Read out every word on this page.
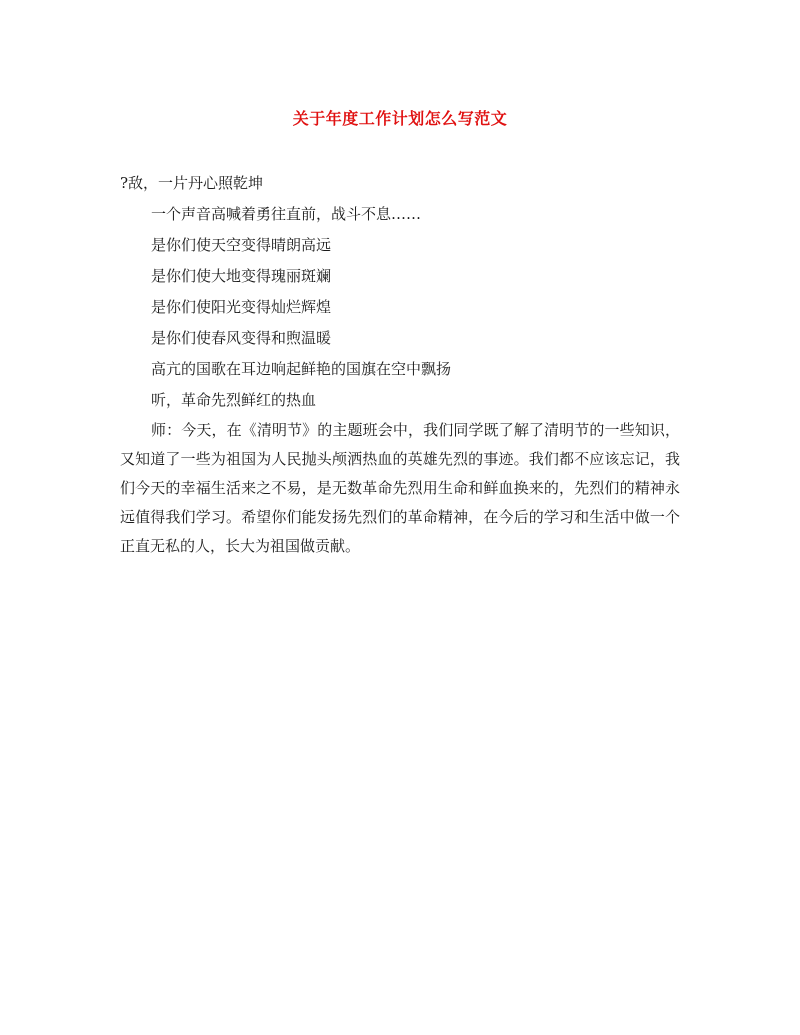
关于年度工作计划怎么写范文
?敌，一片丹心照乾坤
一个声音高喊着勇往直前，战斗不息……
是你们使天空变得晴朗高远
是你们使大地变得瑰丽斑斓
是你们使阳光变得灿烂辉煌
是你们使春风变得和煦温暖
高亢的国歌在耳边响起鲜艳的国旗在空中飘扬
听，革命先烈鲜红的热血
师：今天，在《清明节》的主题班会中，我们同学既了解了清明节的一些知识，又知道了一些为祖国为人民抛头颅洒热血的英雄先烈的事迹。我们都不应该忘记，我们今天的幸福生活来之不易，是无数革命先烈用生命和鲜血换来的，先烈们的精神永远值得我们学习。希望你们能发扬先烈们的革命精神，在今后的学习和生活中做一个正直无私的人，长大为祖国做贡献。
